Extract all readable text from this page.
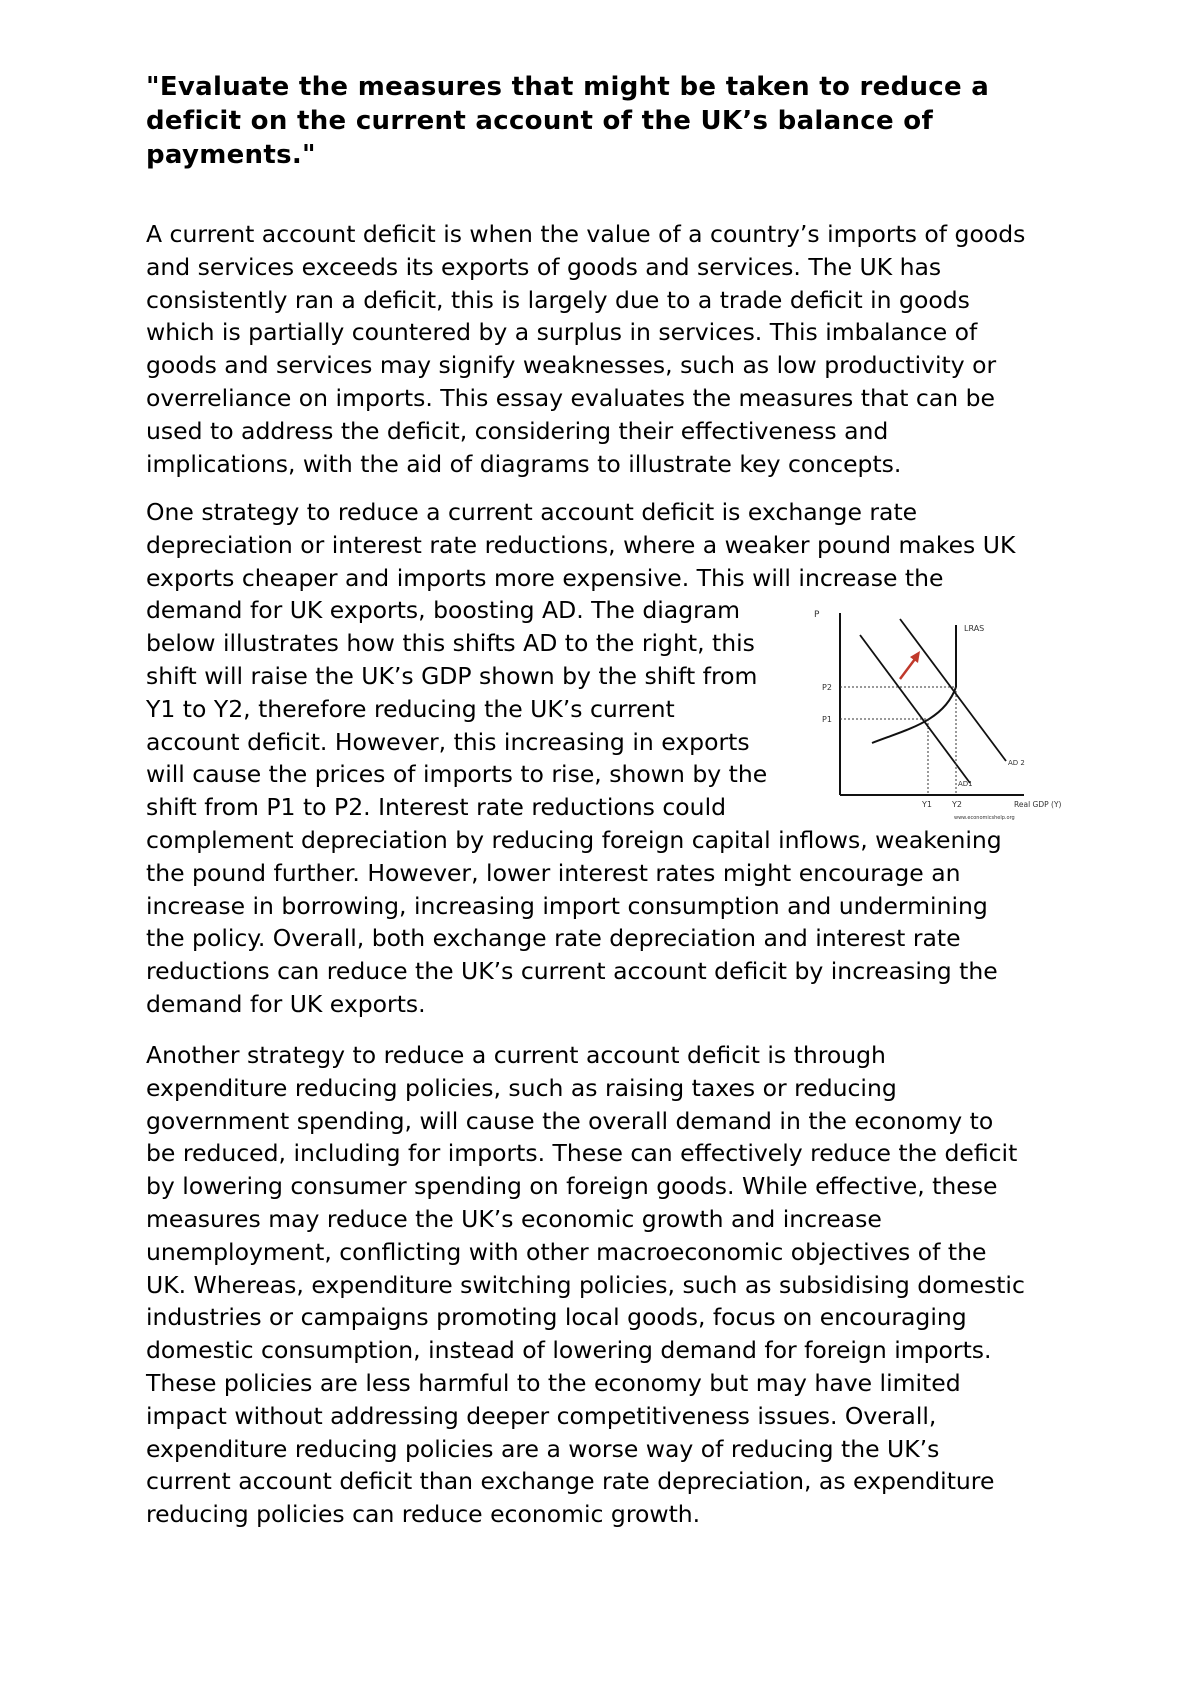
"Evaluate the measures that might be taken to reduce a
deficit on the current account of the UK’s balance of
payments."

A current account deficit is when the value of a country’s imports of goods
and services exceeds its exports of goods and services. The UK has
consistently ran a deficit, this is largely due to a trade deficit in goods
which is partially countered by a surplus in services. This imbalance of
goods and services may signify weaknesses, such as low productivity or
overreliance on imports. This essay evaluates the measures that can be
used to address the deficit, considering their effectiveness and
implications, with the aid of diagrams to illustrate key concepts.

One strategy to reduce a current account deficit is exchange rate
depreciation or interest rate reductions, where a weaker pound makes UK
exports cheaper and imports more expensive. This will increase the
demand for UK exports, boosting AD. The diagram
below illustrates how this shifts AD to the right, this
shift will raise the UK’s GDP shown by the shift from
Y1 to Y2, therefore reducing the UK’s current
account deficit. However, this increasing in exports
will cause the prices of imports to rise, shown by the
shift from P1 to P2. Interest rate reductions could
complement depreciation by reducing foreign capital inflows, weakening
the pound further. However, lower interest rates might encourage an
increase in borrowing, increasing import consumption and undermining
the policy. Overall, both exchange rate depreciation and interest rate
reductions can reduce the UK’s current account deficit by increasing the
demand for UK exports.

P
LRAS
AD1
AD 2
P2
P1
Y1	Y2	Real GDP (Y)
www.economicshelp.org

Another strategy to reduce a current account deficit is through
expenditure reducing policies, such as raising taxes or reducing
government spending, will cause the overall demand in the economy to
be reduced, including for imports. These can effectively reduce the deficit
by lowering consumer spending on foreign goods. While effective, these
measures may reduce the UK’s economic growth and increase
unemployment, conflicting with other macroeconomic objectives of the
UK. Whereas, expenditure switching policies, such as subsidising domestic
industries or campaigns promoting local goods, focus on encouraging
domestic consumption, instead of lowering demand for foreign imports.
These policies are less harmful to the economy but may have limited
impact without addressing deeper competitiveness issues. Overall,
expenditure reducing policies are a worse way of reducing the UK’s
current account deficit than exchange rate depreciation, as expenditure
reducing policies can reduce economic growth.
